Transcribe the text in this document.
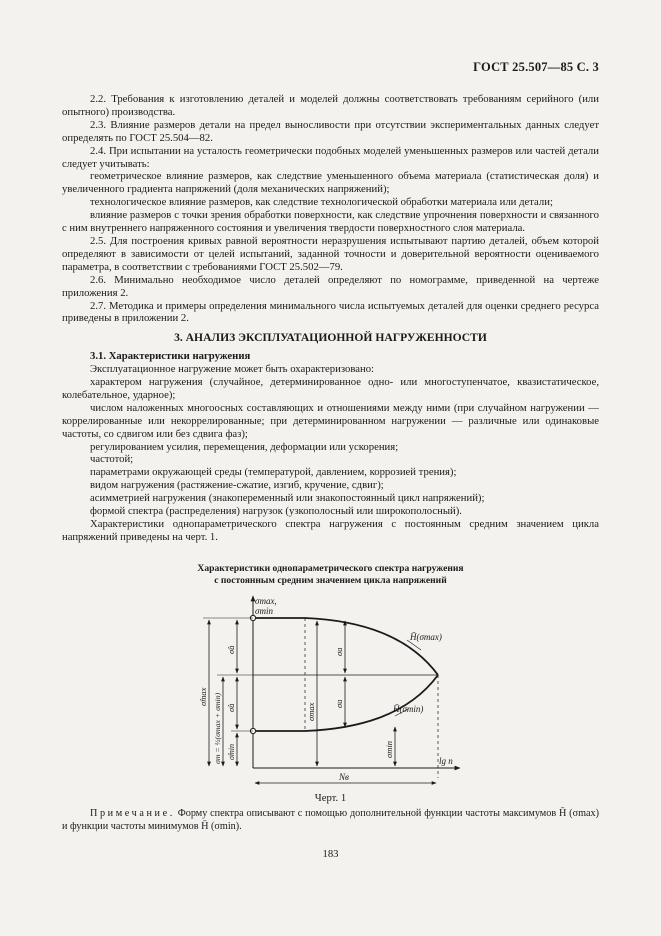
ГОСТ 25.507—85 С. 3

2.2. Требования к изготовлению деталей и моделей должны соответствовать требованиям серийного (или опытного) производства.

2.3. Влияние размеров детали на предел выносливости при отсутствии экспериментальных данных следует определять по ГОСТ 25.504—82.

2.4. При испытании на усталость геометрически подобных моделей уменьшенных размеров или частей детали следует учитывать:

геометрическое влияние размеров, как следствие уменьшенного объема материала (статистическая доля) и увеличенного градиента напряжений (доля механических напряжений);

технологическое влияние размеров, как следствие технологической обработки материала или детали;

влияние размеров с точки зрения обработки поверхности, как следствие упрочнения поверхности и связанного с ним внутреннего напряженного состояния и увеличения твердости поверхностного слоя материала.

2.5. Для построения кривых равной вероятности неразрушения испытывают партию деталей, объем которой определяют в зависимости от целей испытаний, заданной точности и доверительной вероятности оцениваемого параметра, в соответствии с требованиями ГОСТ 25.502—79.

2.6. Минимально необходимое число деталей определяют по номограмме, приведенной на чертеже приложения 2.

2.7. Методика и примеры определения минимального числа испытуемых деталей для оценки среднего ресурса приведены в приложении 2.

3. АНАЛИЗ ЭКСПЛУАТАЦИОННОЙ НАГРУЖЕННОСТИ

3.1. Характеристики нагружения

Эксплуатационное нагружение может быть охарактеризовано:

характером нагружения (случайное, детерминированное одно- или многоступенчатое, квазистатическое, колебательное, ударное);

числом наложенных многоосных составляющих и отношениями между ними (при случайном нагружении — коррелированные или некоррелированные; при детерминированном нагружении — различные или одинаковые частоты, со сдвигом или без сдвига фаз);

регулированием усилия, перемещения, деформации или ускорения;

частотой;

параметрами окружающей среды (температурой, давлением, коррозией трения);

видом нагружения (растяжение-сжатие, изгиб, кручение, сдвиг);

асимметрией нагружения (знакопеременный или знакопостоянный цикл напряжений);

формой спектра (распределения) нагрузок (узкополосный или широкополосный).

Характеристики однопараметрического спектра нагружения с постоянным средним значением цикла напряжений приведены на черт. 1.

Характеристики однопараметрического спектра нагружения
с постоянным средним значением цикла напряжений
σmax,
σmin
H̄(σmax)
H̄(σmin)
σa
σa
σmax
σmin
σ̂max σm = ½(σmax + σmin)
σ̂a
σ̂a
σ̂min
lg n
Nв
Черт. 1
Примечание. Форму спектра описывают с помощью дополнительной функции частоты максимумов H̄ (σmax) и функции частоты минимумов H̄ (σmin).
183
